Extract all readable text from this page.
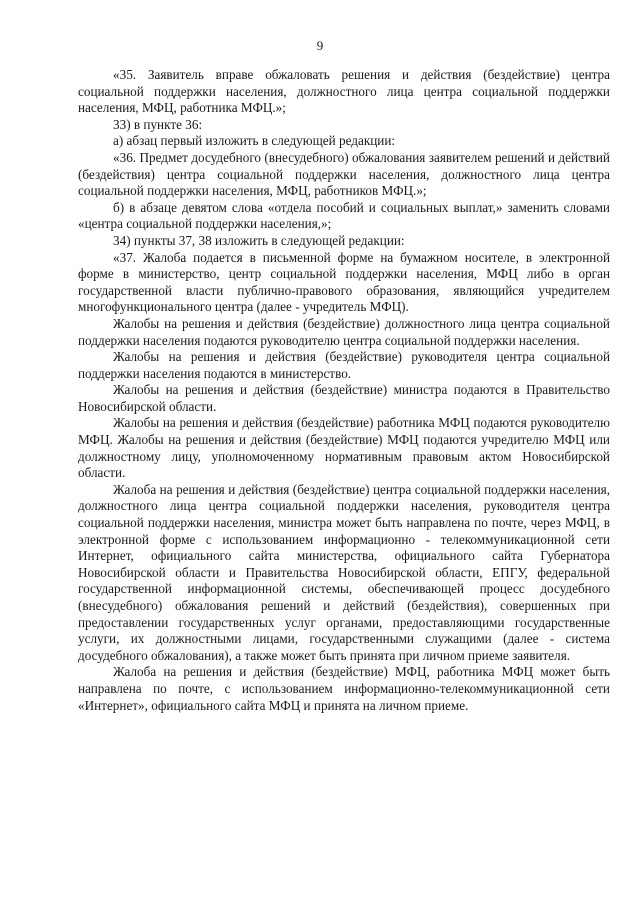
9

«35. Заявитель вправе обжаловать решения и действия (бездействие) центра социальной поддержки населения, должностного лица центра социальной поддержки населения, МФЦ, работника МФЦ.»;

33) в пункте 36:

а) абзац первый изложить в следующей редакции:

«36. Предмет досудебного (внесудебного) обжалования заявителем решений и действий (бездействия) центра социальной поддержки населения, должностного лица центра социальной поддержки населения, МФЦ, работников МФЦ.»;

б) в абзаце девятом слова «отдела пособий и социальных выплат,» заменить словами «центра социальной поддержки населения,»;

34) пункты 37, 38 изложить в следующей редакции:

«37. Жалоба подается в письменной форме на бумажном носителе, в электронной форме в министерство, центр социальной поддержки населения, МФЦ либо в орган государственной власти публично-правового образования, являющийся учредителем многофункционального центра (далее - учредитель МФЦ).

Жалобы на решения и действия (бездействие) должностного лица центра социальной поддержки населения подаются руководителю центра социальной поддержки населения.

Жалобы на решения и действия (бездействие) руководителя центра социальной поддержки населения подаются в министерство.

Жалобы на решения и действия (бездействие) министра подаются в Правительство Новосибирской области.

Жалобы на решения и действия (бездействие) работника МФЦ подаются руководителю МФЦ. Жалобы на решения и действия (бездействие) МФЦ подаются учредителю МФЦ или должностному лицу, уполномоченному нормативным правовым актом Новосибирской области.

Жалоба на решения и действия (бездействие) центра социальной поддержки населения, должностного лица центра социальной поддержки населения, руководителя центра социальной поддержки населения, министра может быть направлена по почте, через МФЦ, в электронной форме с использованием информационно - телекоммуникационной сети Интернет, официального сайта министерства, официального сайта Губернатора Новосибирской области и Правительства Новосибирской области, ЕПГУ, федеральной государственной информационной системы, обеспечивающей процесс досудебного (внесудебного) обжалования решений и действий (бездействия), совершенных при предоставлении государственных услуг органами, предоставляющими государственные услуги, их должностными лицами, государственными служащими (далее - система досудебного обжалования), а также может быть принята при личном приеме заявителя.

Жалоба на решения и действия (бездействие) МФЦ, работника МФЦ может быть направлена по почте, с использованием информационно-телекоммуникационной сети «Интернет», официального сайта МФЦ и принята на личном приеме.
